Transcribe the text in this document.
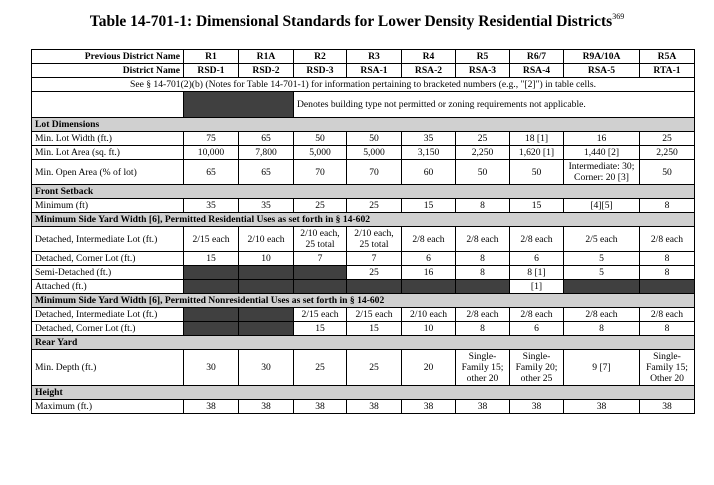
Table 14-701-1: Dimensional Standards for Lower Density Residential Districts$^{369}$
Previous District Name	R1	R1A	R2	R3	R4	R5	R6/7	R9A/10A	R5A
District Name	RSD-1	RSD-2	RSD-3	RSA-1	RSA-2	RSA-3	RSA-4	RSA-5	RTA-1
See § 14-701(2)(b) (Notes for Table 14-701-1) for information pertaining to bracketed numbers (e.g., "[2]") in table cells.									
			Denotes building type not permitted or zoning requirements not applicable.						
Lot Dimensions									
Min. Lot Width (ft.)	75	65	50	50	35	25	18 [1]	16	25
Min. Lot Area (sq. ft.)	10,000	7,800	5,000	5,000	3,150	2,250	1,620 [1]	1,440 [2]	2,250
Min. Open Area (% of lot)	65	65	70	70	60	50	50	Intermediate: 30; Corner: 20 [3]	50
Front Setback									
Minimum (ft)	35	35	25	25	15	8	15	[4][5]	8
Minimum Side Yard Width [6], Permitted Residential Uses as set forth in § 14-602									
Detached, Intermediate Lot (ft.)	2/15 each	2/10 each	2/10 each, 25 total	2/10 each, 25 total	2/8 each	2/8 each	2/8 each	2/5 each	2/8 each
Detached, Corner Lot (ft.)	15	10	7	7	6	8	6	5	8
Semi-Detached (ft.)				25	16	8	8 [1]	5	8
Attached (ft.)							[1]		
Minimum Side Yard Width [6], Permitted Nonresidential Uses as set forth in § 14-602									
Detached, Intermediate Lot (ft.)			2/15 each	2/15 each	2/10 each	2/8 each	2/8 each	2/8 each	2/8 each
Detached, Corner Lot (ft.)			15	15	10	8	6	8	8
Rear Yard									
Min. Depth (ft.)	30	30	25	25	20	Single-Family 15; other 20	Single-Family 20; other 25	9 [7]	Single-Family 15; Other 20
Height									
Maximum (ft.)	38	38	38	38	38	38	38	38	38
